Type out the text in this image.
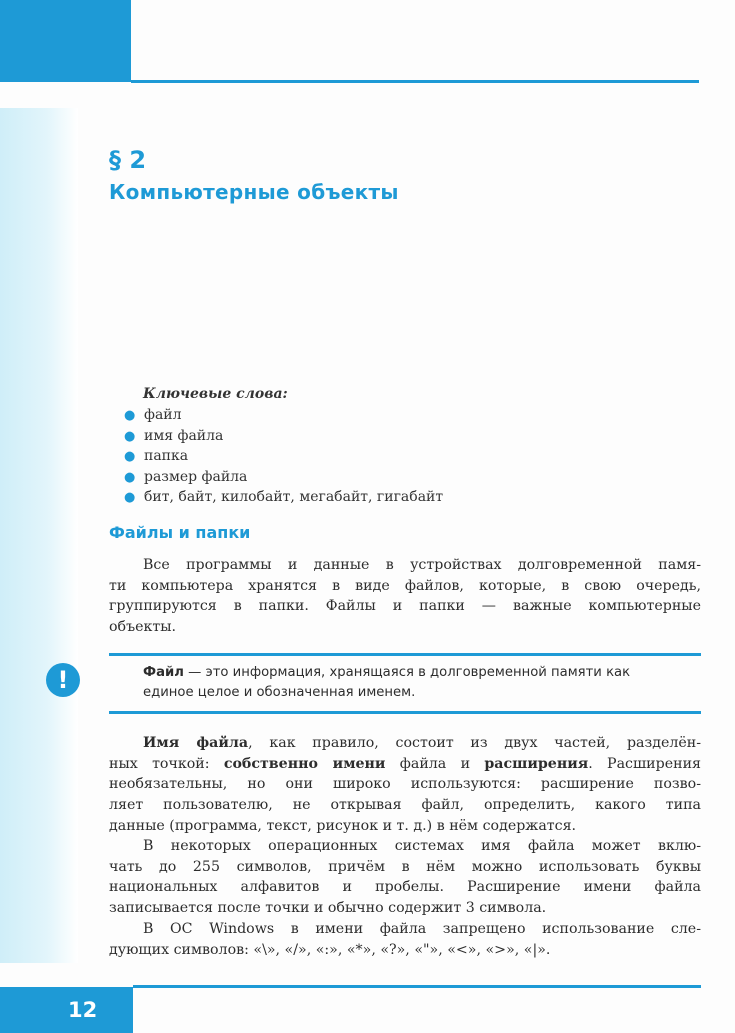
§ 2
Компьютерные объекты
Ключевые слова:
● файл
● имя файла
● папка
● размер файла
● бит, байт, килобайт, мегабайт, гигабайт
Файлы и папки

Все программы и данные в устройствах долговременной памя-
ти компьютера хранятся в виде файлов, которые, в свою очередь,
группируются в папки. Файлы и папки — важные компьютерные
объекты.

!	Файл — это информация, хранящаяся в долговременной памяти как
единое целое и обозначенная именем.

Имя файла, как правило, состоит из двух частей, разделён-
ных точкой: собственно имени файла и расширения. Расширения
необязательны, но они широко используются: расширение позво-
ляет пользователю, не открывая файл, определить, какого типа
данные (программа, текст, рисунок и т. д.) в нём содержатся.

В некоторых операционных системах имя файла может вклю-
чать до 255 символов, причём в нём можно использовать буквы
национальных алфавитов и пробелы. Расширение имени файла
записывается после точки и обычно содержит 3 символа.

В ОС Windows в имени файла запрещено использование сле-
дующих символов: «\», «/», «:», «*», «?», «"», «<», «>», «|».

12
